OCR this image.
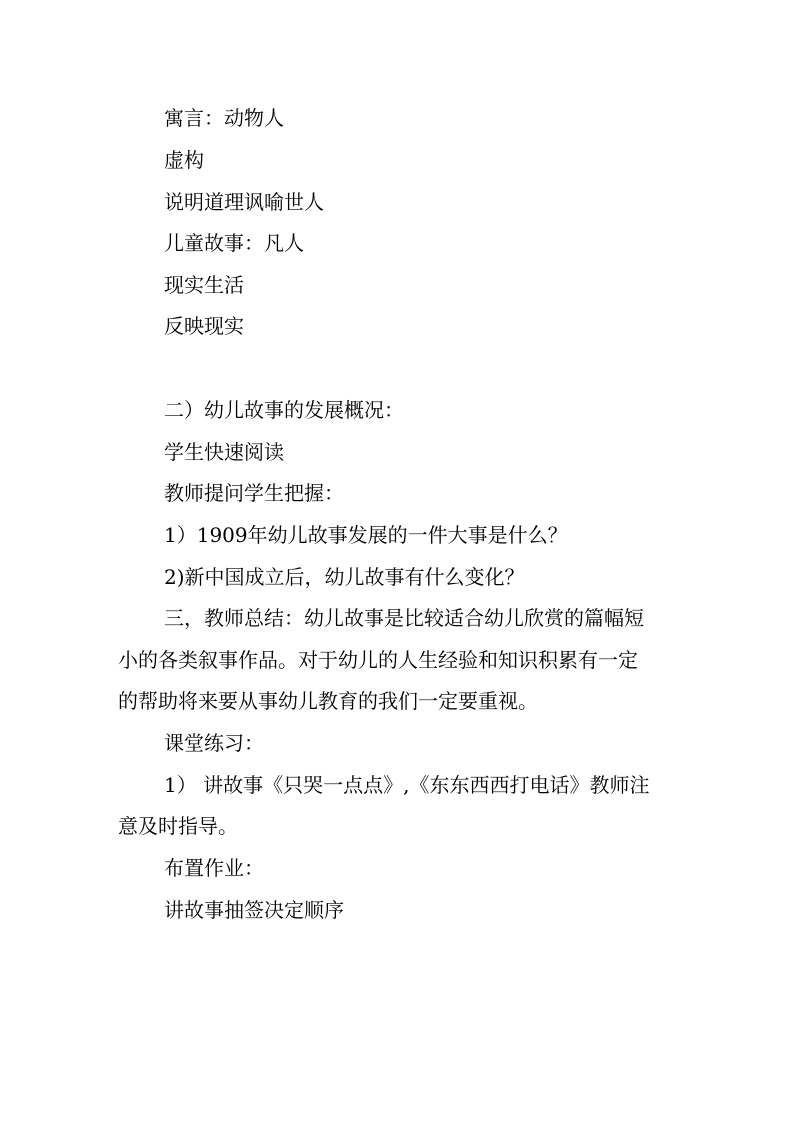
寓言：动物人

虚构

说明道理讽喻世人

儿童故事：凡人

现实生活

反映现实

二）幼儿故事的发展概况：

学生快速阅读

教师提问学生把握：

1）1909年幼儿故事发展的一件大事是什么？

2)新中国成立后，幼儿故事有什么变化？

三，教师总结：幼儿故事是比较适合幼儿欣赏的篇幅短

小的各类叙事作品。对于幼儿的人生经验和知识积累有一定

的帮助将来要从事幼儿教育的我们一定要重视。

课堂练习：

1） 讲故事《只哭一点点》,《东东西西打电话》教师注

意及时指导。

布置作业：

讲故事抽签决定顺序
